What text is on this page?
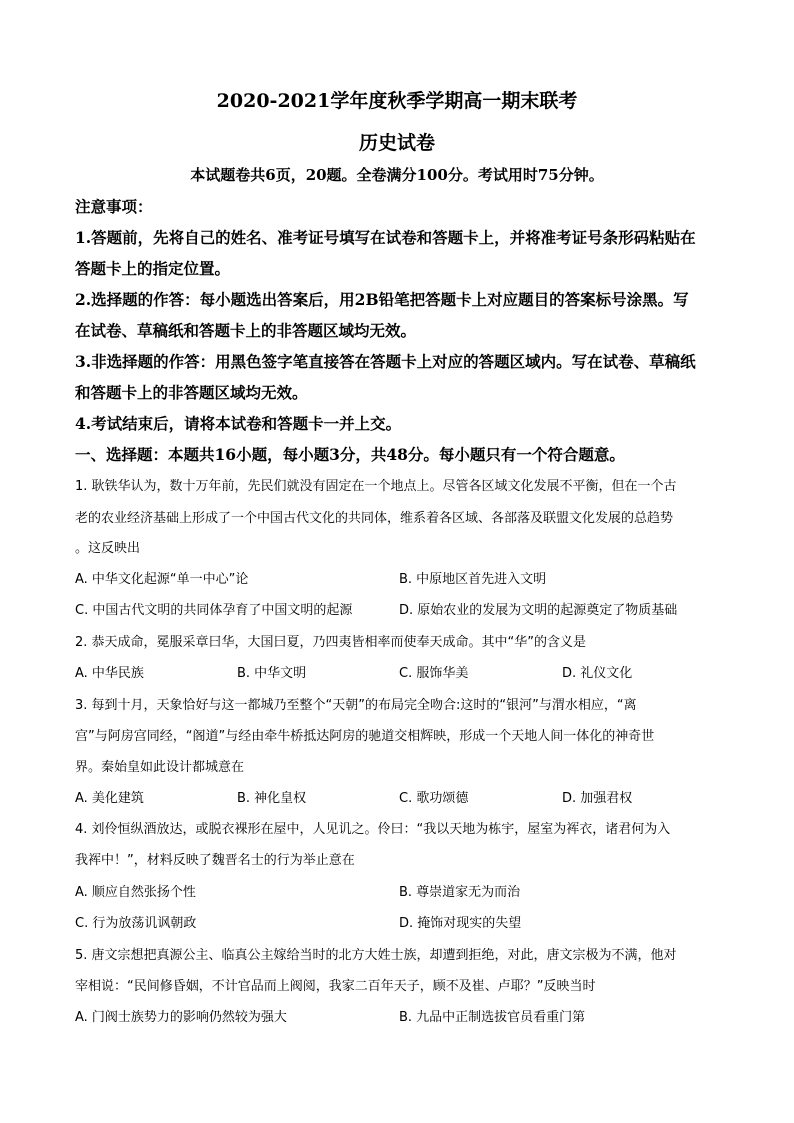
2020-2021学年度秋季学期高一期末联考
历史试卷
本试题卷共6页，20题。全卷满分100分。考试用时75分钟。
注意事项：
1.答题前，先将自己的姓名、准考证号填写在试卷和答题卡上，并将准考证号条形码粘贴在
答题卡上的指定位置。
2.选择题的作答：每小题选出答案后，用2B铅笔把答题卡上对应题目的答案标号涂黑。写
在试卷、草稿纸和答题卡上的非答题区域均无效。
3.非选择题的作答：用黑色签字笔直接答在答题卡上对应的答题区域内。写在试卷、草稿纸
和答题卡上的非答题区域均无效。
4.考试结束后，请将本试卷和答题卡一并上交。
一、选择题：本题共16小题，每小题3分，共48分。每小题只有一个符合题意。
1. 耿铁华认为，数十万年前，先民们就没有固定在一个地点上。尽管各区域文化发展不平衡，但在一个古
老的农业经济基础上形成了一个中国古代文化的共同体，维系着各区域、各部落及联盟文化发展的总趋势
。这反映出
A. 中华文化起源“单一中心”论	B. 中原地区首先进入文明
C. 中国古代文明的共同体孕育了中国文明的起源	D. 原始农业的发展为文明的起源奠定了物质基础
2. 恭天成命，冕服采章曰华，大国曰夏，乃四夷皆相率而使奉天成命。其中“华”的含义是
A. 中华民族	B. 中华文明	C. 服饰华美	D. 礼仪文化
3. 每到十月，天象恰好与这一都城乃至整个“天朝”的布局完全吻合:这时的“银河”与渭水相应，“离
宫”与阿房宫同经，“阁道”与经由牵牛桥抵达阿房的驰道交相辉映，形成一个天地人间一体化的神奇世
界。秦始皇如此设计都城意在
A. 美化建筑	B. 神化皇权	C. 歌功颂德	D. 加强君权
4. 刘伶恒纵酒放达，或脱衣裸形在屋中，人见讥之。伶曰：“我以天地为栋宇，屋室为裈衣，诸君何为入
我裈中！”，材料反映了魏晋名士的行为举止意在
A. 顺应自然张扬个性	B. 尊崇道家无为而治
C. 行为放荡讥讽朝政	D. 掩饰对现实的失望
5. 唐文宗想把真源公主、临真公主嫁给当时的北方大姓士族，却遭到拒绝，对此，唐文宗极为不满，他对
宰相说：“民间修昏姻，不计官品而上阀阅，我家二百年天子，顾不及崔、卢耶？”反映当时
A. 门阀士族势力的影响仍然较为强大	B. 九品中正制选拔官员看重门第
